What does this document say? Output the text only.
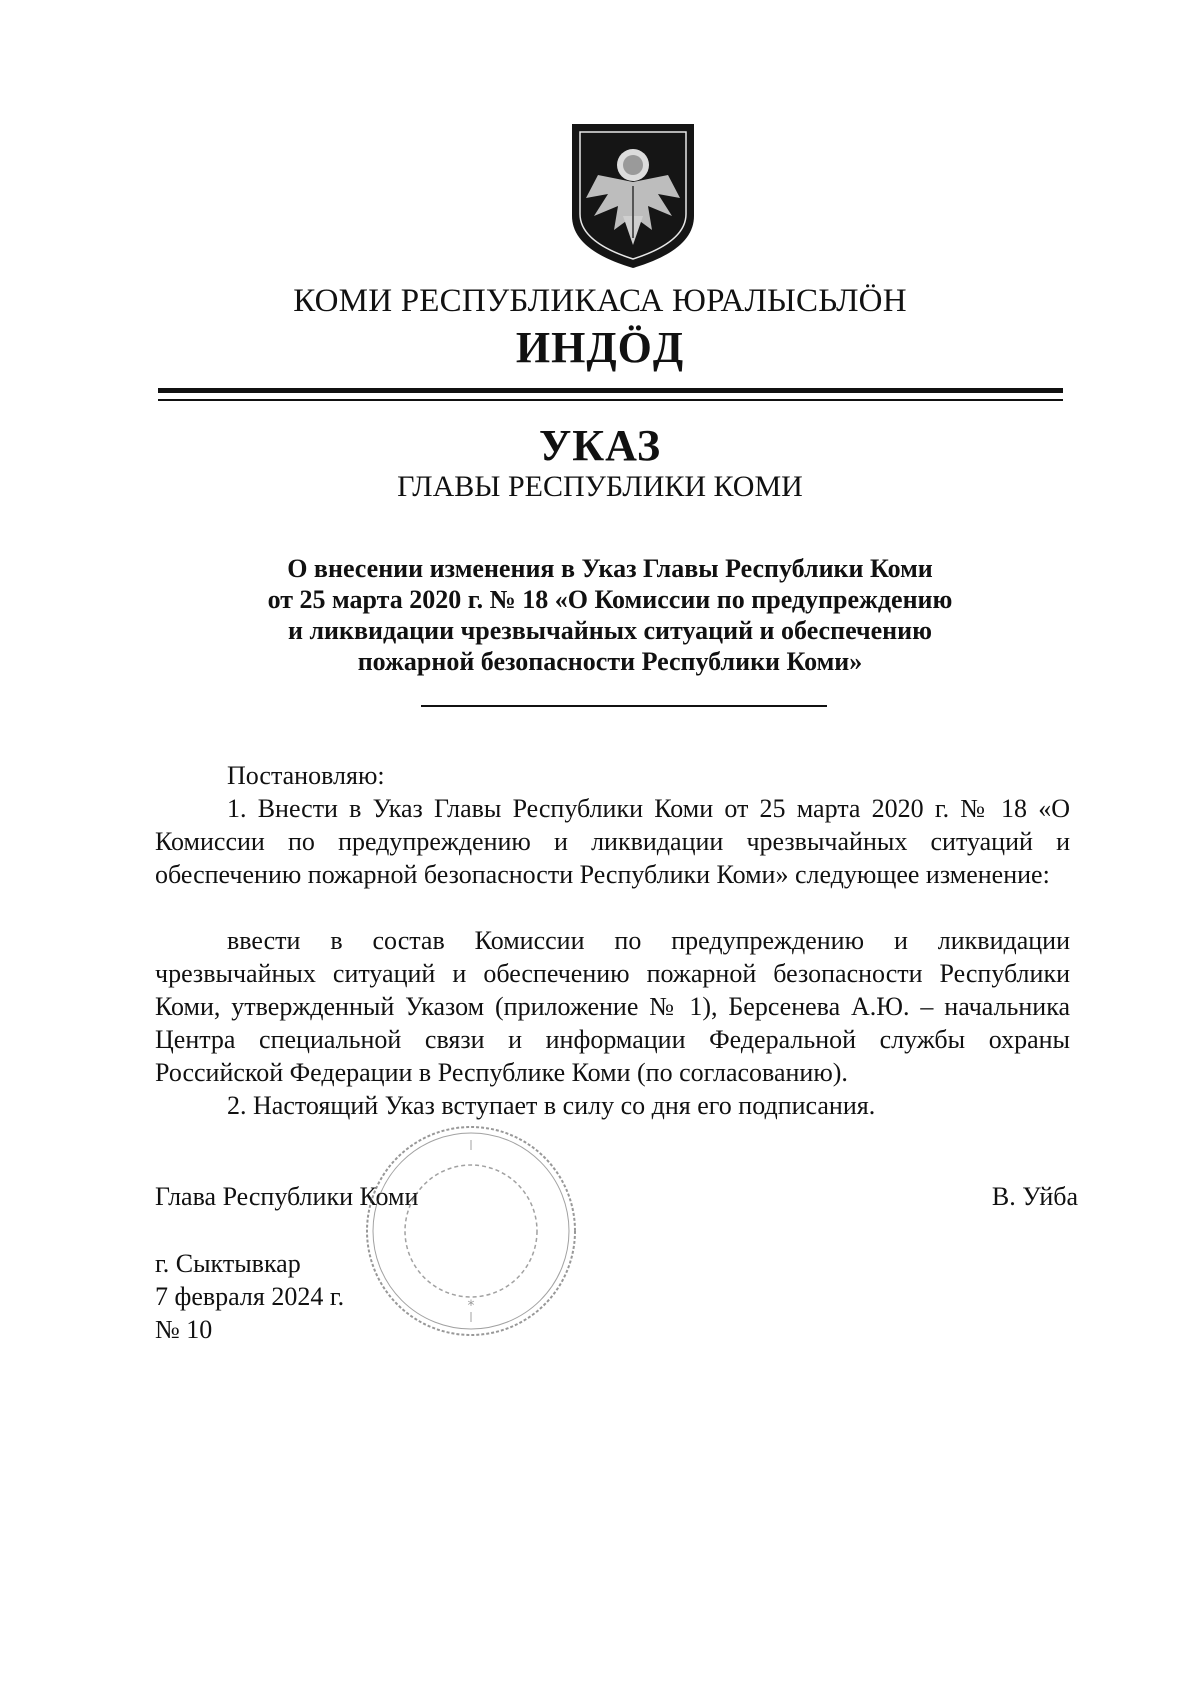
КОМИ РЕСПУБЛИКАСА ЮРАЛЫСЬЛÖН
ИНДÖД
УКАЗ
ГЛАВЫ РЕСПУБЛИКИ КОМИ
О внесении изменения в Указ Главы Республики Коми
от 25 марта 2020 г. № 18 «О Комиссии по предупреждению
и ликвидации чрезвычайных ситуаций и обеспечению
пожарной безопасности Республики Коми»
Постановляю:
1. Внести в Указ Главы Республики Коми от 25 марта 2020 г. № 18 «О Комиссии по предупреждению и ликвидации чрезвычайных ситуаций и обеспечению пожарной безопасности Республики Коми» следующее изменение:
ввести в состав Комиссии по предупреждению и ликвидации чрезвычайных ситуаций и обеспечению пожарной безопасности Республики Коми, утвержденный Указом (приложение № 1), Берсенева А.Ю. – начальника Центра специальной связи и информации Федеральной службы охраны Российской Федерации в Республике Коми (по согласованию).
2. Настоящий Указ вступает в силу со дня его подписания.
Глава Республики Коми	В. Уйба
г. Сыктывкар
7 февраля 2024 г.
№ 10
*
